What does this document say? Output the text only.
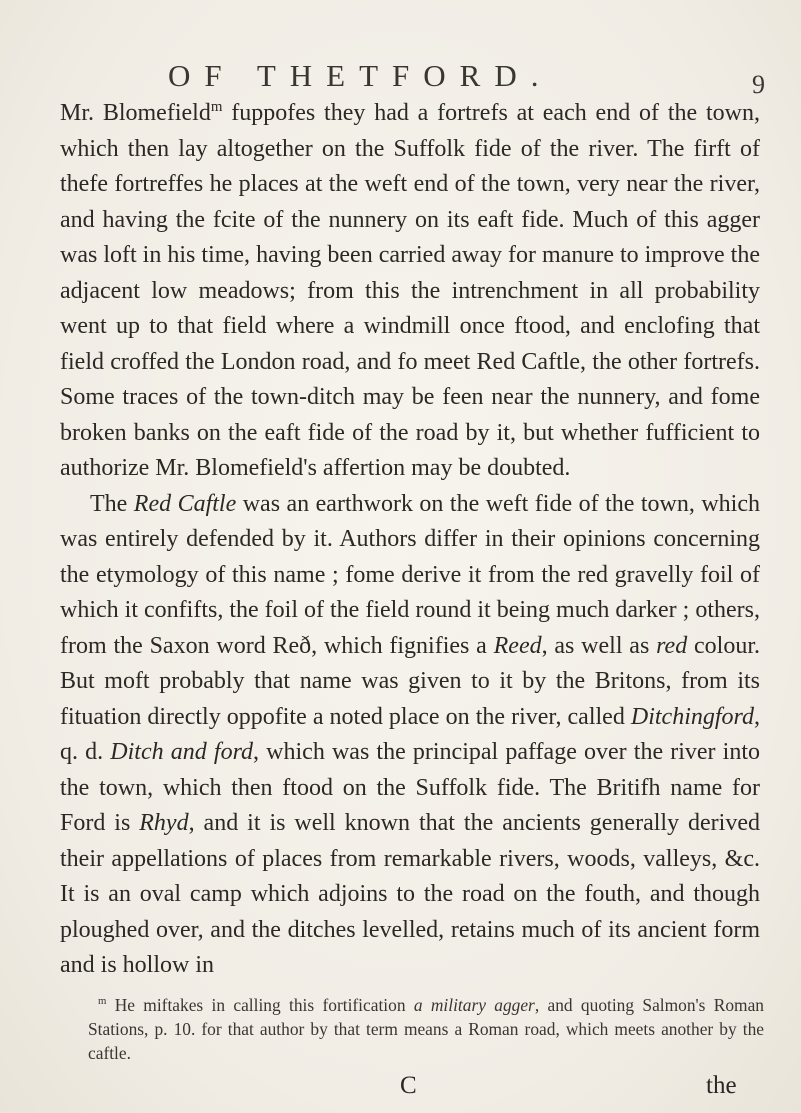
OF THETFORD.	9

Mr. Blomefield$^m$ fuppofes they had a fortrefs at each end of the town, which then lay altogether on the Suffolk fide of the river. The firft of thefe fortreffes he places at the weft end of the town, very near the river, and having the fcite of the nunnery on its eaft fide. Much of this agger was loft in his time, having been carried away for manure to improve the adjacent low meadows; from this the intrenchment in all probability went up to that field where a windmill once ftood, and enclofing that field croffed the London road, and fo meet Red Caftle, the other fortrefs. Some traces of the town-ditch may be feen near the nunnery, and fome broken banks on the eaft fide of the road by it, but whether fufficient to authorize Mr. Blomefield's affertion may be doubted.

The Red Caftle was an earthwork on the weft fide of the town, which was entirely defended by it. Authors differ in their opinions concerning the etymology of this name ; fome derive it from the red gravelly foil of which it confifts, the foil of the field round it being much darker ; others, from the Saxon word Reð, which fignifies a Reed, as well as red colour. But moft probably that name was given to it by the Britons, from its fituation directly oppofite a noted place on the river, called Ditchingford, q. d. Ditch and ford, which was the principal paffage over the river into the town, which then ftood on the Suffolk fide. The Britifh name for Ford is Rhyd, and it is well known that the ancients generally derived their appellations of places from remarkable rivers, woods, valleys, &c. It is an oval camp which adjoins to the road on the fouth, and though ploughed over, and the ditches levelled, retains much of its ancient form and is hollow in

$^m$ He miftakes in calling this fortification a military agger, and quoting Salmon's Roman Stations, p. 10. for that author by that term means a Roman road, which meets another by the caftle.
C	the
